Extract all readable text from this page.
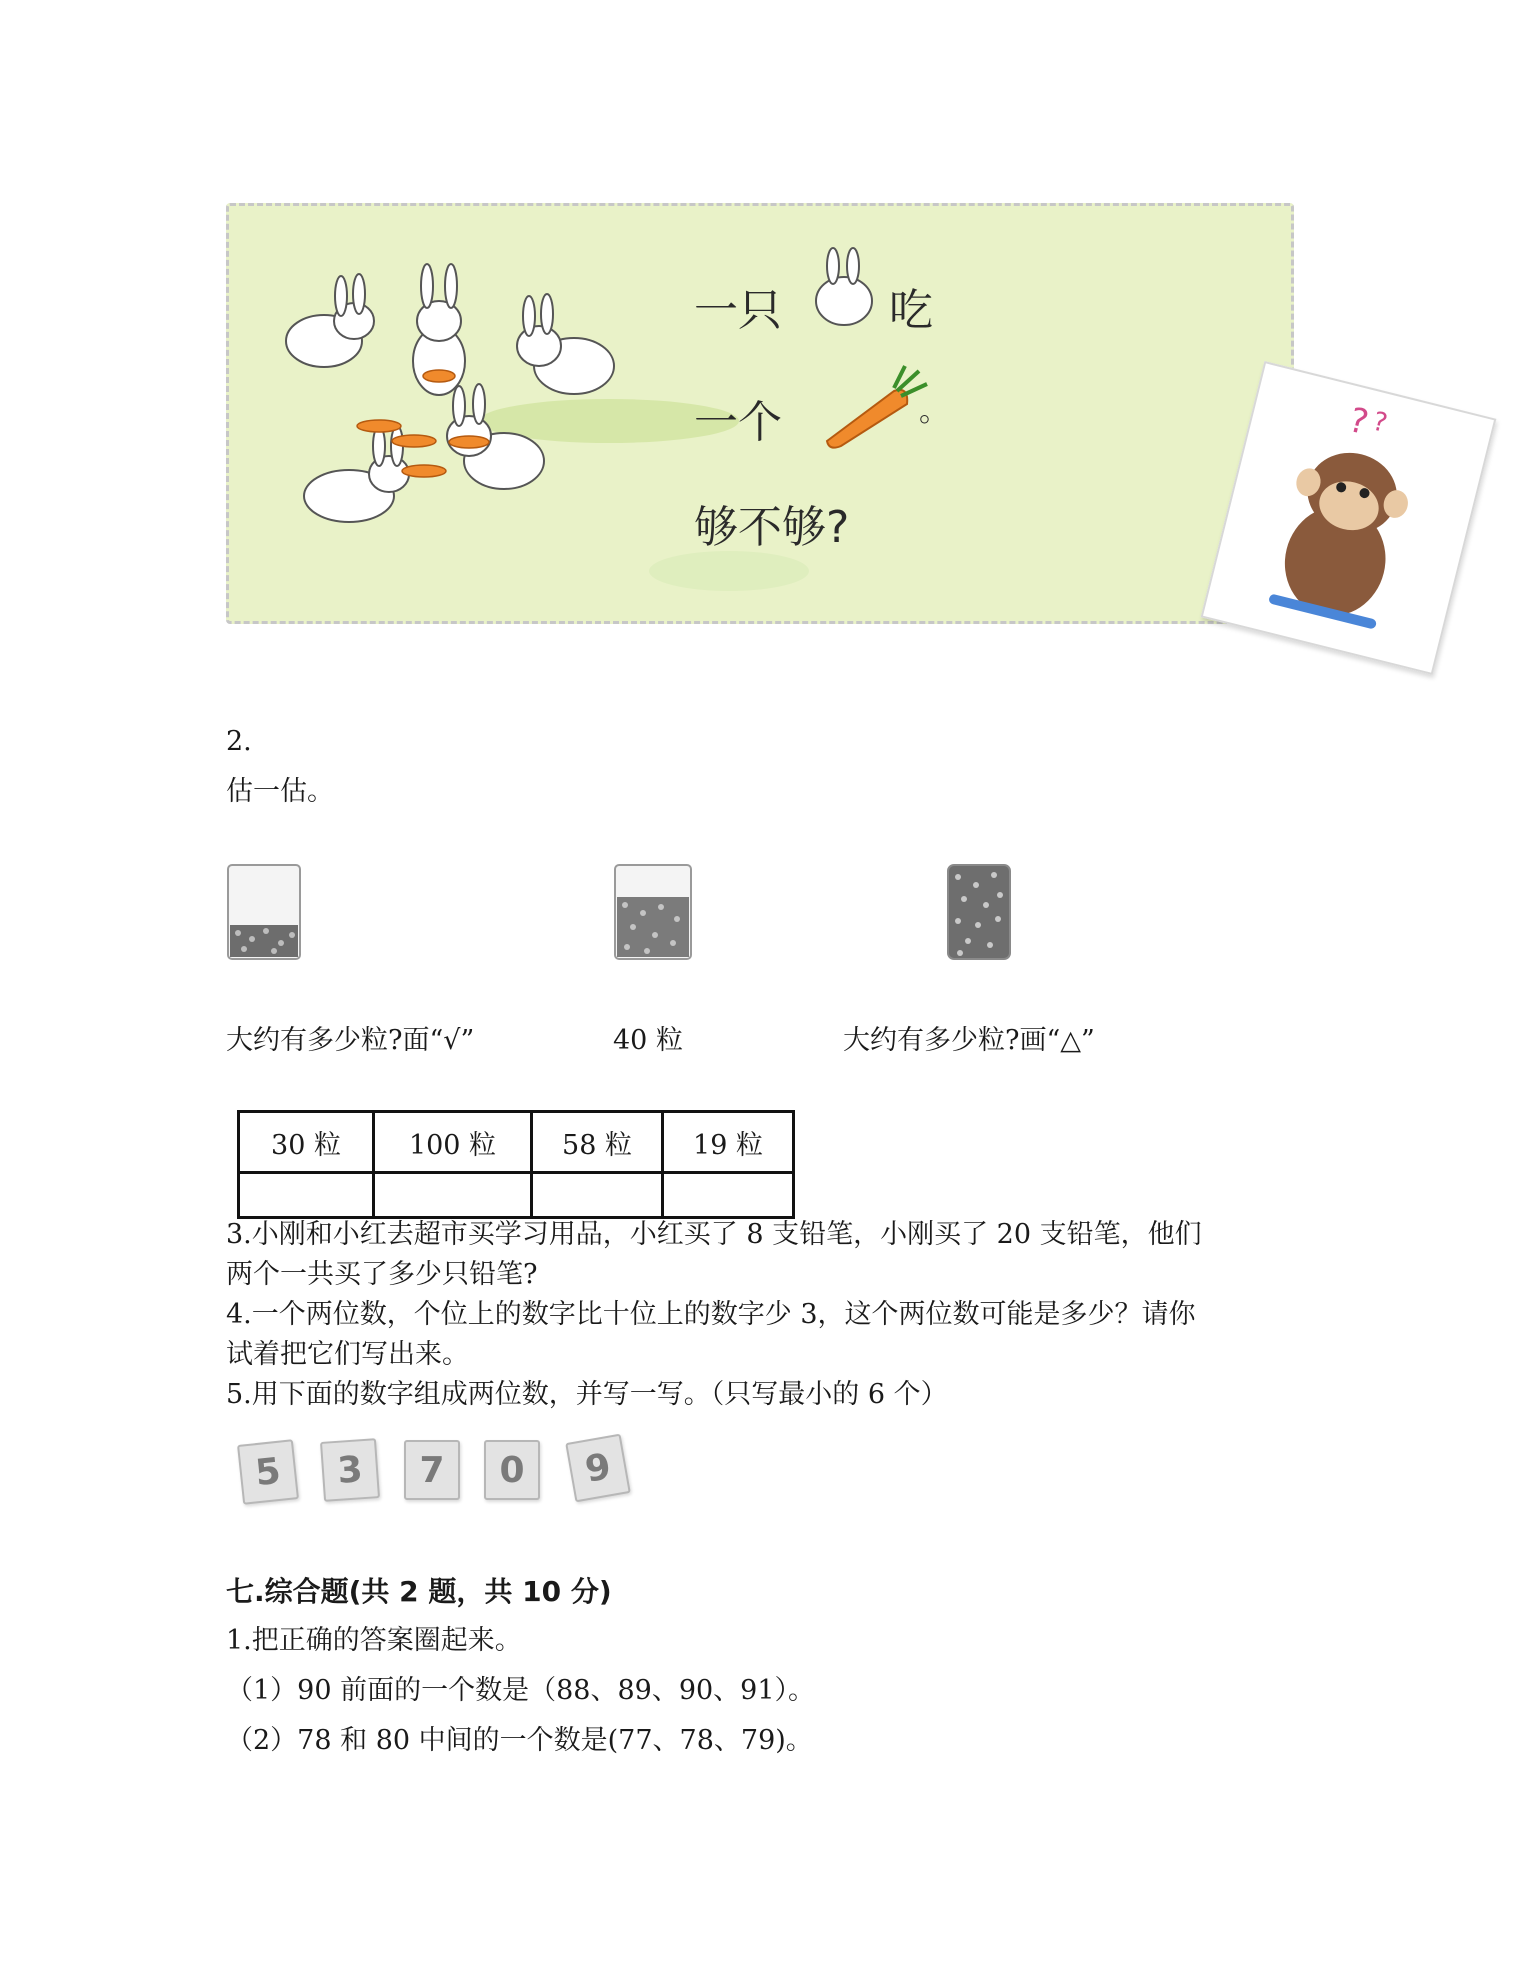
一只 吃
一个	。
够不够?
?
?
2.
估一估。
大约有多少粒?面“√”	40 粒	大约有多少粒?画“△”
30 粒	100 粒	58 粒	19 粒

3.小刚和小红去超市买学习用品，小红买了 8 支铅笔，小刚买了 20 支铅笔，他们
两个一共买了多少只铅笔?
4.一个两位数，个位上的数字比十位上的数字少 3，这个两位数可能是多少？请你
试着把它们写出来。
5.用下面的数字组成两位数，并写一写。（只写最小的 6 个）
5	3	7	0	9
七.综合题(共 2 题，共 10 分)
1.把正确的答案圈起来。
（1）90 前面的一个数是（88、89、90、91）。
（2）78 和 80 中间的一个数是(77、78、79)。
